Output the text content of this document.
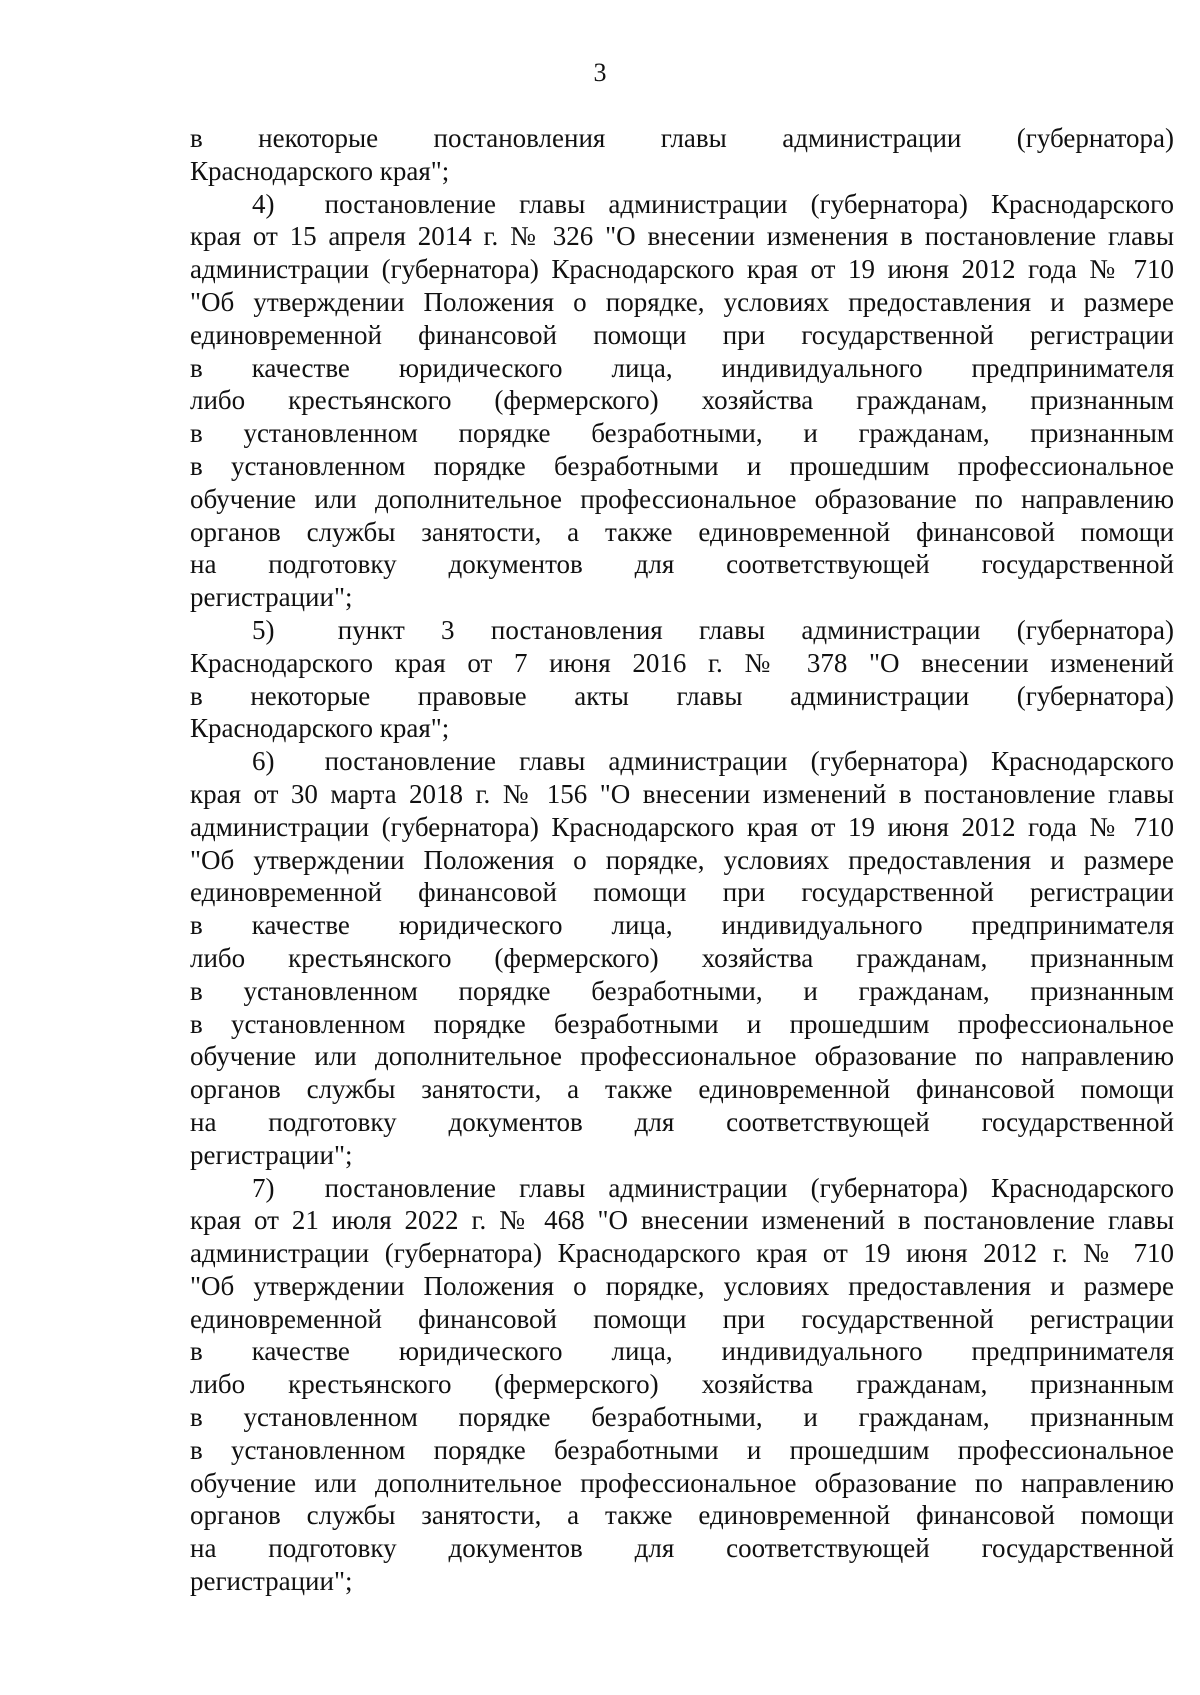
3
в некоторые постановления главы администрации (губернатора)
Краснодарского края";
4)  постановление главы администрации (губернатора) Краснодарского
края от 15 апреля 2014 г. № 326 "О внесении изменения в постановление главы
администрации (губернатора) Краснодарского края от 19 июня 2012 года № 710
"Об утверждении Положения о порядке, условиях предоставления и размере
единовременной финансовой помощи при государственной регистрации
в качестве юридического лица, индивидуального предпринимателя
либо крестьянского (фермерского) хозяйства гражданам, признанным
в установленном порядке безработными, и гражданам, признанным
в установленном порядке безработными и прошедшим профессиональное
обучение или дополнительное профессиональное образование по направлению
органов службы занятости, а также единовременной финансовой помощи
на подготовку документов для соответствующей государственной
регистрации";
5)  пункт 3 постановления главы администрации (губернатора)
Краснодарского края от 7 июня 2016 г. № 378 "О внесении изменений
в некоторые правовые акты главы администрации (губернатора)
Краснодарского края";
6)  постановление главы администрации (губернатора) Краснодарского
края от 30 марта 2018 г. № 156 "О внесении изменений в постановление главы
администрации (губернатора) Краснодарского края от 19 июня 2012 года № 710
"Об утверждении Положения о порядке, условиях предоставления и размере
единовременной финансовой помощи при государственной регистрации
в качестве юридического лица, индивидуального предпринимателя
либо крестьянского (фермерского) хозяйства гражданам, признанным
в установленном порядке безработными, и гражданам, признанным
в установленном порядке безработными и прошедшим профессиональное
обучение или дополнительное профессиональное образование по направлению
органов службы занятости, а также единовременной финансовой помощи
на подготовку документов для соответствующей государственной
регистрации";
7)  постановление главы администрации (губернатора) Краснодарского
края от 21 июля 2022 г. № 468 "О внесении изменений в постановление главы
администрации (губернатора) Краснодарского края от 19 июня 2012 г. № 710
"Об утверждении Положения о порядке, условиях предоставления и размере
единовременной финансовой помощи при государственной регистрации
в качестве юридического лица, индивидуального предпринимателя
либо крестьянского (фермерского) хозяйства гражданам, признанным
в установленном порядке безработными, и гражданам, признанным
в установленном порядке безработными и прошедшим профессиональное
обучение или дополнительное профессиональное образование по направлению
органов службы занятости, а также единовременной финансовой помощи
на подготовку документов для соответствующей государственной
регистрации";
